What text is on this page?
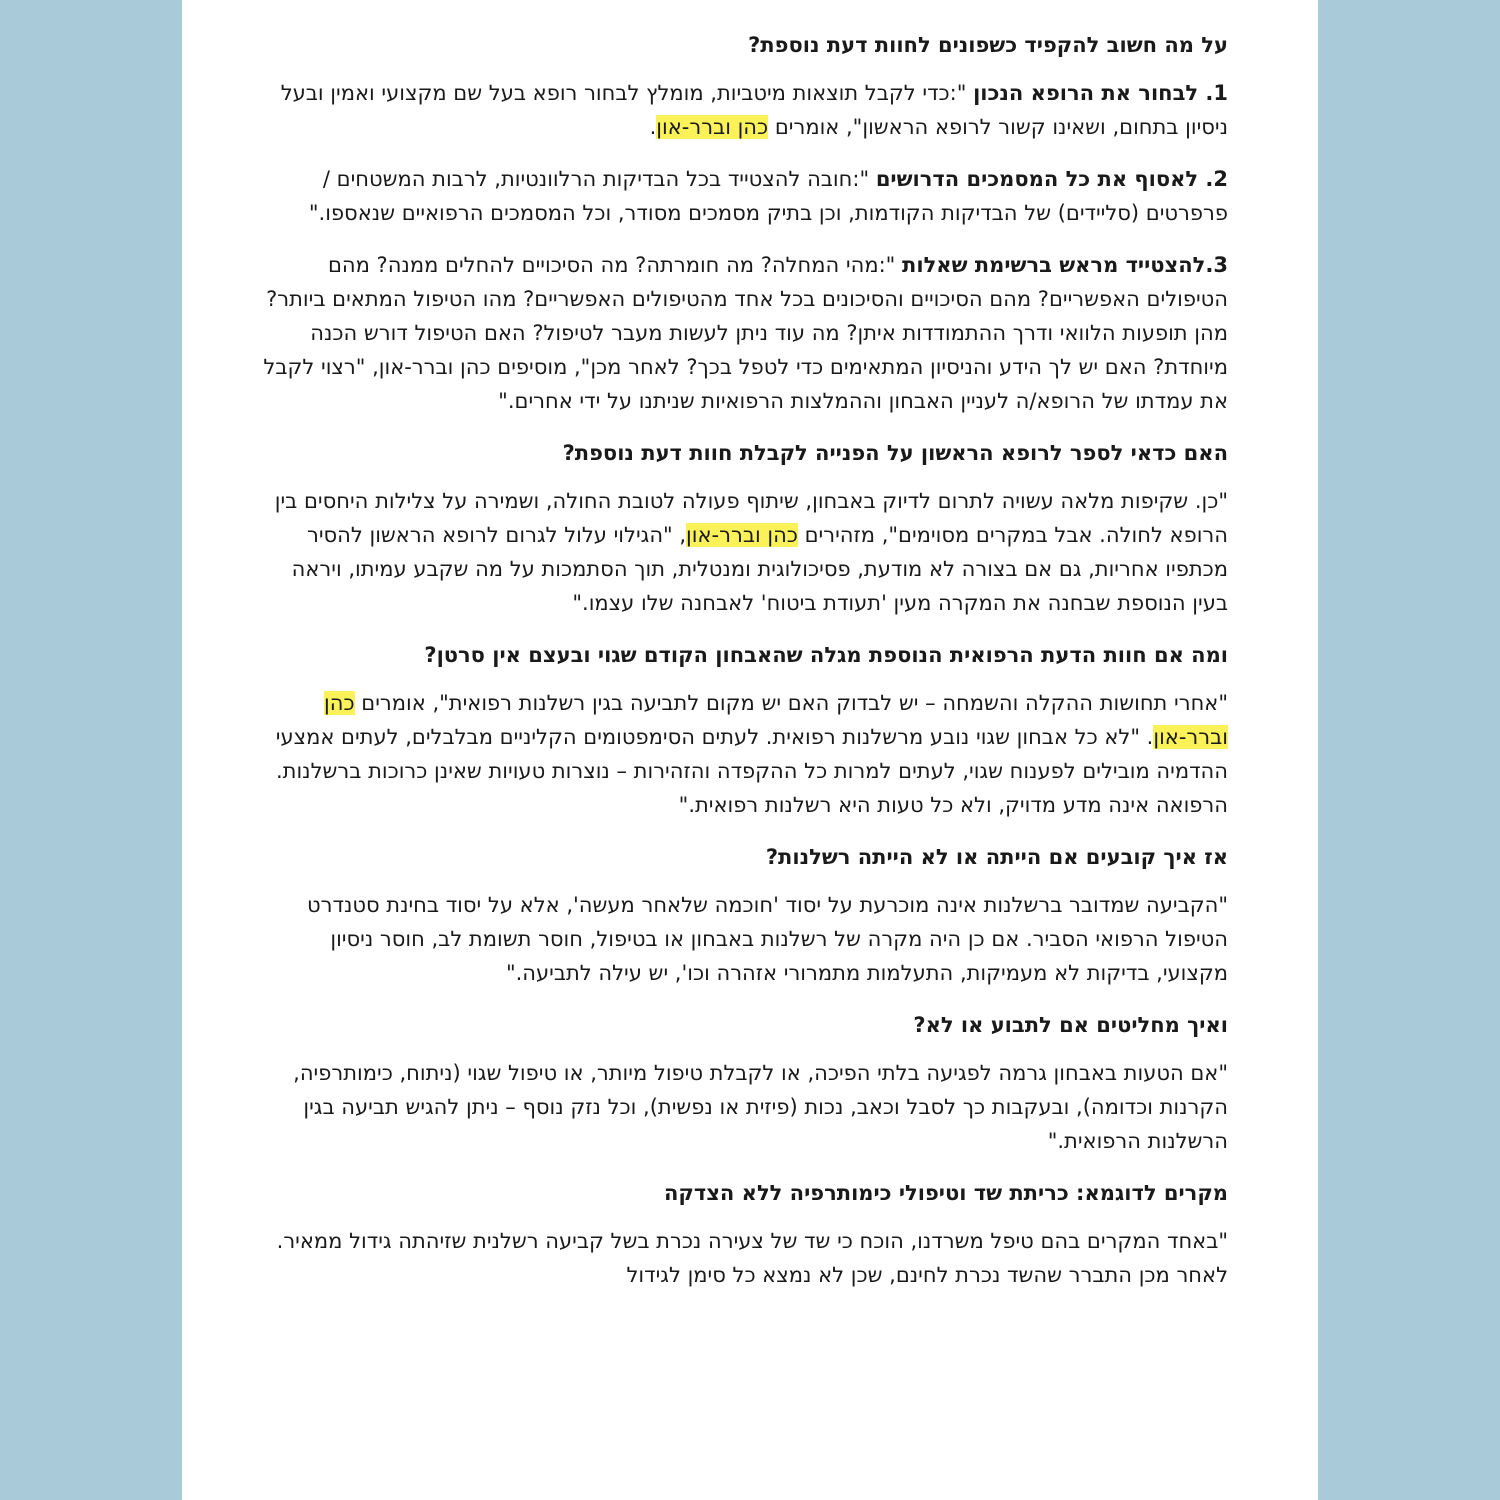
על מה חשוב להקפיד כשפונים לחוות דעת נוספת?
1. לבחור את הרופא הנכון ":כדי לקבל תוצאות מיטביות, מומלץ לבחור רופא בעל שם מקצועי ואמין ובעל ניסיון בתחום, ושאינו קשור לרופא הראשון", אומרים כהן וברר-און.
2. לאסוף את כל המסמכים הדרושים ":חובה להצטייד בכל הבדיקות הרלוונטיות, לרבות המשטחים / פרפרטים (סליידים) של הבדיקות הקודמות, וכן בתיק מסמכים מסודר, וכל המסמכים הרפואיים שנאספו."
3.להצטייד מראש ברשימת שאלות ":מהי המחלה? מה חומרתה? מה הסיכויים להחלים ממנה? מהם הטיפולים האפשריים? מהם הסיכויים והסיכונים בכל אחד מהטיפולים האפשריים? מהו הטיפול המתאים ביותר? מהן תופעות הלוואי ודרך ההתמודדות איתן? מה עוד ניתן לעשות מעבר לטיפול? האם הטיפול דורש הכנה מיוחדת? האם יש לך הידע והניסיון המתאימים כדי לטפל בכך? לאחר מכן", מוסיפים כהן וברר-און, "רצוי לקבל את עמדתו של הרופא/ה לעניין האבחון וההמלצות הרפואיות שניתנו על ידי אחרים."
האם כדאי לספר לרופא הראשון על הפנייה לקבלת חוות דעת נוספת?
"כן. שקיפות מלאה עשויה לתרום לדיוק באבחון, שיתוף פעולה לטובת החולה, ושמירה על צלילות היחסים בין הרופא לחולה. אבל במקרים מסוימים", מזהירים כהן וברר-און, "הגילוי עלול לגרום לרופא הראשון להסיר מכתפיו אחריות, גם אם בצורה לא מודעת, פסיכולוגית ומנטלית, תוך הסתמכות על מה שקבע עמיתו, ויראה בעין הנוספת שבחנה את המקרה מעין 'תעודת ביטוח' לאבחנה שלו עצמו."
ומה אם חוות הדעת הרפואית הנוספת מגלה שהאבחון הקודם שגוי ובעצם אין סרטן?
"אחרי תחושות ההקלה והשמחה – יש לבדוק האם יש מקום לתביעה בגין רשלנות רפואית", אומרים כהן וברר-און. "לא כל אבחון שגוי נובע מרשלנות רפואית. לעתים הסימפטומים הקליניים מבלבלים, לעתים אמצעי ההדמיה מובילים לפענוח שגוי, לעתים למרות כל ההקפדה והזהירות – נוצרות טעויות שאינן כרוכות ברשלנות. הרפואה אינה מדע מדויק, ולא כל טעות היא רשלנות רפואית."
אז איך קובעים אם הייתה או לא הייתה רשלנות?
"הקביעה שמדובר ברשלנות אינה מוכרעת על יסוד 'חוכמה שלאחר מעשה', אלא על יסוד בחינת סטנדרט הטיפול הרפואי הסביר. אם כן היה מקרה של רשלנות באבחון או בטיפול, חוסר תשומת לב, חוסר ניסיון מקצועי, בדיקות לא מעמיקות, התעלמות מתמרורי אזהרה וכו', יש עילה לתביעה."
ואיך מחליטים אם לתבוע או לא?
"אם הטעות באבחון גרמה לפגיעה בלתי הפיכה, או לקבלת טיפול מיותר, או טיפול שגוי (ניתוח, כימותרפיה, הקרנות וכדומה), ובעקבות כך לסבל וכאב, נכות (פיזית או נפשית), וכל נזק נוסף – ניתן להגיש תביעה בגין הרשלנות הרפואית."
מקרים לדוגמא: כריתת שד וטיפולי כימותרפיה ללא הצדקה
"באחד המקרים בהם טיפל משרדנו, הוכח כי שד של צעירה נכרת בשל קביעה רשלנית שזיהתה גידול ממאיר. לאחר מכן התברר שהשד נכרת לחינם, שכן לא נמצא כל סימן לגידול
